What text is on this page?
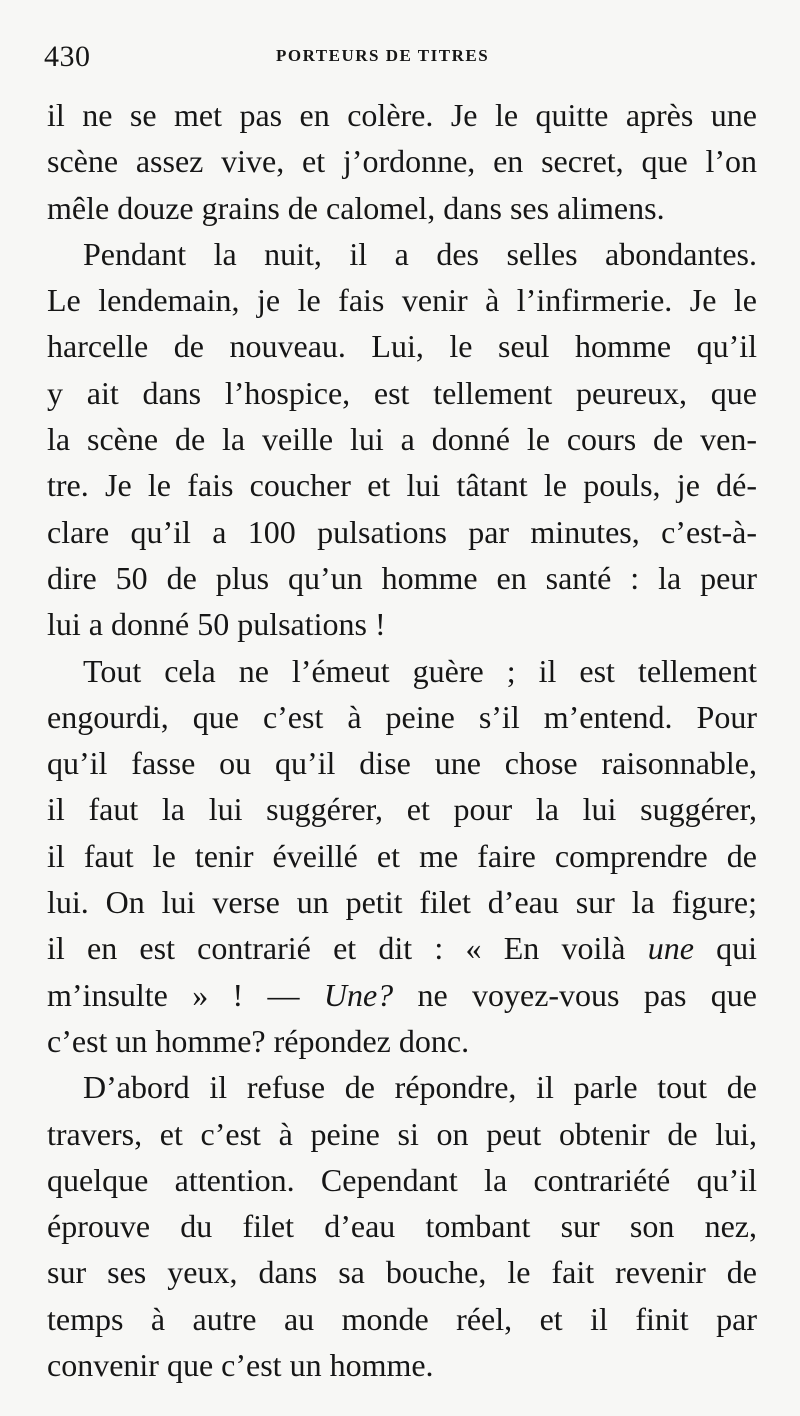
430	PORTEURS DE TITRES
il ne se met pas en colère. Je le quitte après une
scène assez vive, et j’ordonne, en secret, que l’on
mêle douze grains de calomel, dans ses alimens.
Pendant la nuit, il a des selles abondantes.
Le lendemain, je le fais venir à l’infirmerie. Je le
harcelle de nouveau. Lui, le seul homme qu’il
y ait dans l’hospice, est tellement peureux, que
la scène de la veille lui a donné le cours de ven-
tre. Je le fais coucher et lui tâtant le pouls, je dé-
clare qu’il a 100 pulsations par minutes, c’est-à-
dire 50 de plus qu’un homme en santé : la peur
lui a donné 50 pulsations !
Tout cela ne l’émeut guère ; il est tellement
engourdi, que c’est à peine s’il m’entend. Pour
qu’il fasse ou qu’il dise une chose raisonnable,
il faut la lui suggérer, et pour la lui suggérer,
il faut le tenir éveillé et me faire comprendre de
lui. On lui verse un petit filet d’eau sur la figure;
il en est contrarié et dit : « En voilà une qui
m’insulte » ! — Une? ne voyez-vous pas que
c’est un homme? répondez donc.
D’abord il refuse de répondre, il parle tout de
travers, et c’est à peine si on peut obtenir de lui,
quelque attention. Cependant la contrariété qu’il
éprouve du filet d’eau tombant sur son nez,
sur ses yeux, dans sa bouche, le fait revenir de
temps à autre au monde réel, et il finit par
convenir que c’est un homme.
